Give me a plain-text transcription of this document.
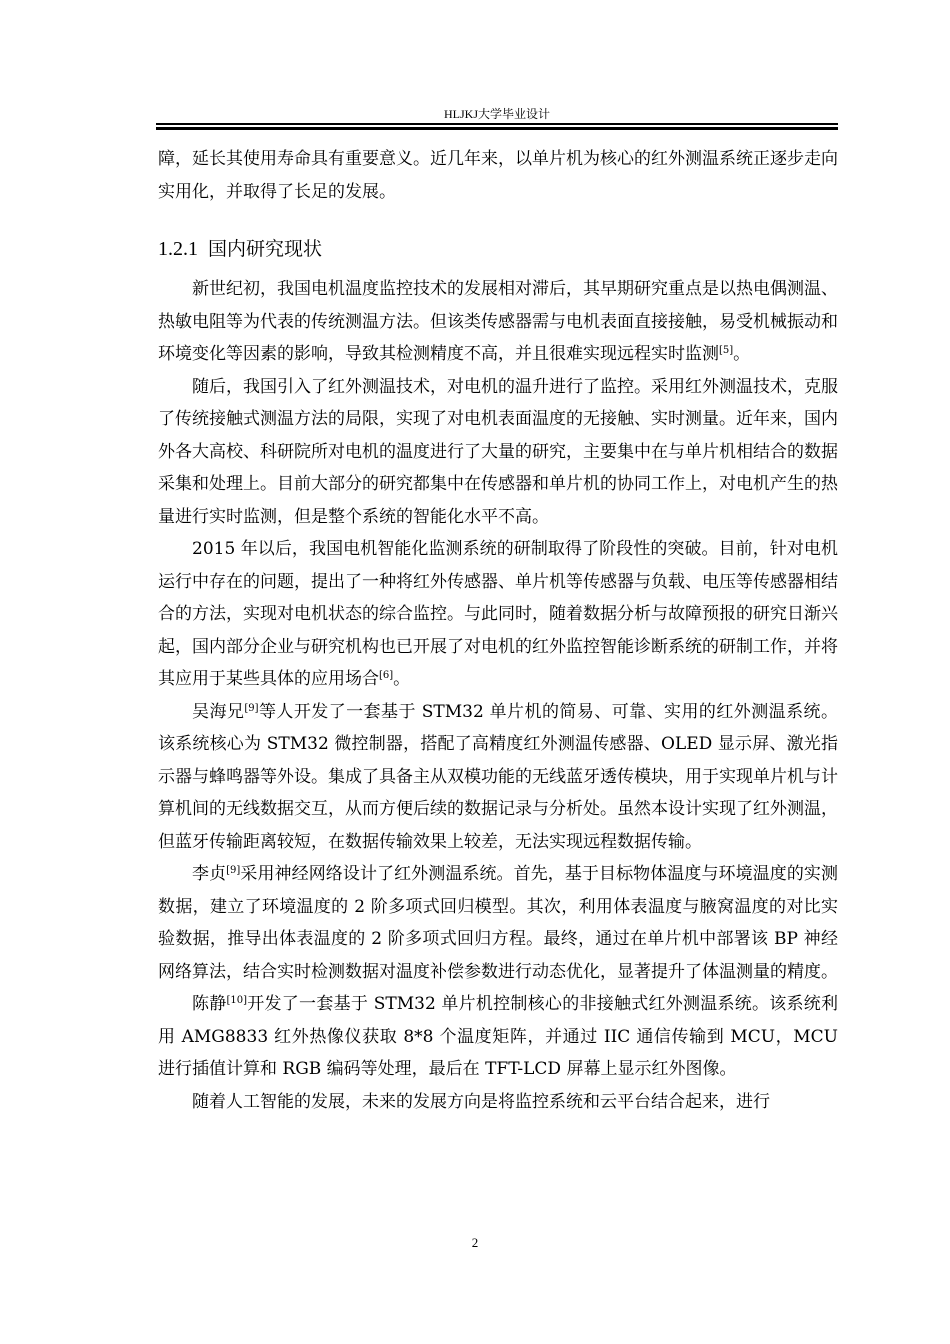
HLJKJ大学毕业设计

障，延长其使用寿命具有重要意义。近几年来，以单片机为核心的红外测温系统正逐步走向实用化，并取得了长足的发展。

1.2.1 国内研究现状

新世纪初，我国电机温度监控技术的发展相对滞后，其早期研究重点是以热电偶测温、热敏电阻等为代表的传统测温方法。但该类传感器需与电机表面直接接触，易受机械振动和环境变化等因素的影响，导致其检测精度不高，并且很难实现远程实时监测[5]。

随后，我国引入了红外测温技术，对电机的温升进行了监控。采用红外测温技术，克服了传统接触式测温方法的局限，实现了对电机表面温度的无接触、实时测量。近年来，国内外各大高校、科研院所对电机的温度进行了大量的研究，主要集中在与单片机相结合的数据采集和处理上。目前大部分的研究都集中在传感器和单片机的协同工作上，对电机产生的热量进行实时监测，但是整个系统的智能化水平不高。

2015 年以后，我国电机智能化监测系统的研制取得了阶段性的突破。目前，针对电机运行中存在的问题，提出了一种将红外传感器、单片机等传感器与负载、电压等传感器相结合的方法，实现对电机状态的综合监控。与此同时，随着数据分析与故障预报的研究日渐兴起，国内部分企业与研究机构也已开展了对电机的红外监控智能诊断系统的研制工作，并将其应用于某些具体的应用场合[6]。

吴海兄[9]等人开发了一套基于 STM32 单片机的简易、可靠、实用的红外测温系统。该系统核心为 STM32 微控制器，搭配了高精度红外测温传感器、OLED 显示屏、激光指示器与蜂鸣器等外设。集成了具备主从双模功能的无线蓝牙透传模块，用于实现单片机与计算机间的无线数据交互，从而方便后续的数据记录与分析处。虽然本设计实现了红外测温，但蓝牙传输距离较短，在数据传输效果上较差，无法实现远程数据传输。

李贞[9]采用神经网络设计了红外测温系统。首先，基于目标物体温度与环境温度的实测数据，建立了环境温度的 2 阶多项式回归模型。其次，利用体表温度与腋窝温度的对比实验数据，推导出体表温度的 2 阶多项式回归方程。最终，通过在单片机中部署该 BP 神经网络算法，结合实时检测数据对温度补偿参数进行动态优化，显著提升了体温测量的精度。

陈静[10]开发了一套基于 STM32 单片机控制核心的非接触式红外测温系统。该系统利用 AMG8833 红外热像仪获取 8*8 个温度矩阵，并通过 IIC 通信传输到 MCU，MCU 进行插值计算和 RGB 编码等处理，最后在 TFT-LCD 屏幕上显示红外图像。

随着人工智能的发展，未来的发展方向是将监控系统和云平台结合起来，进行

2
